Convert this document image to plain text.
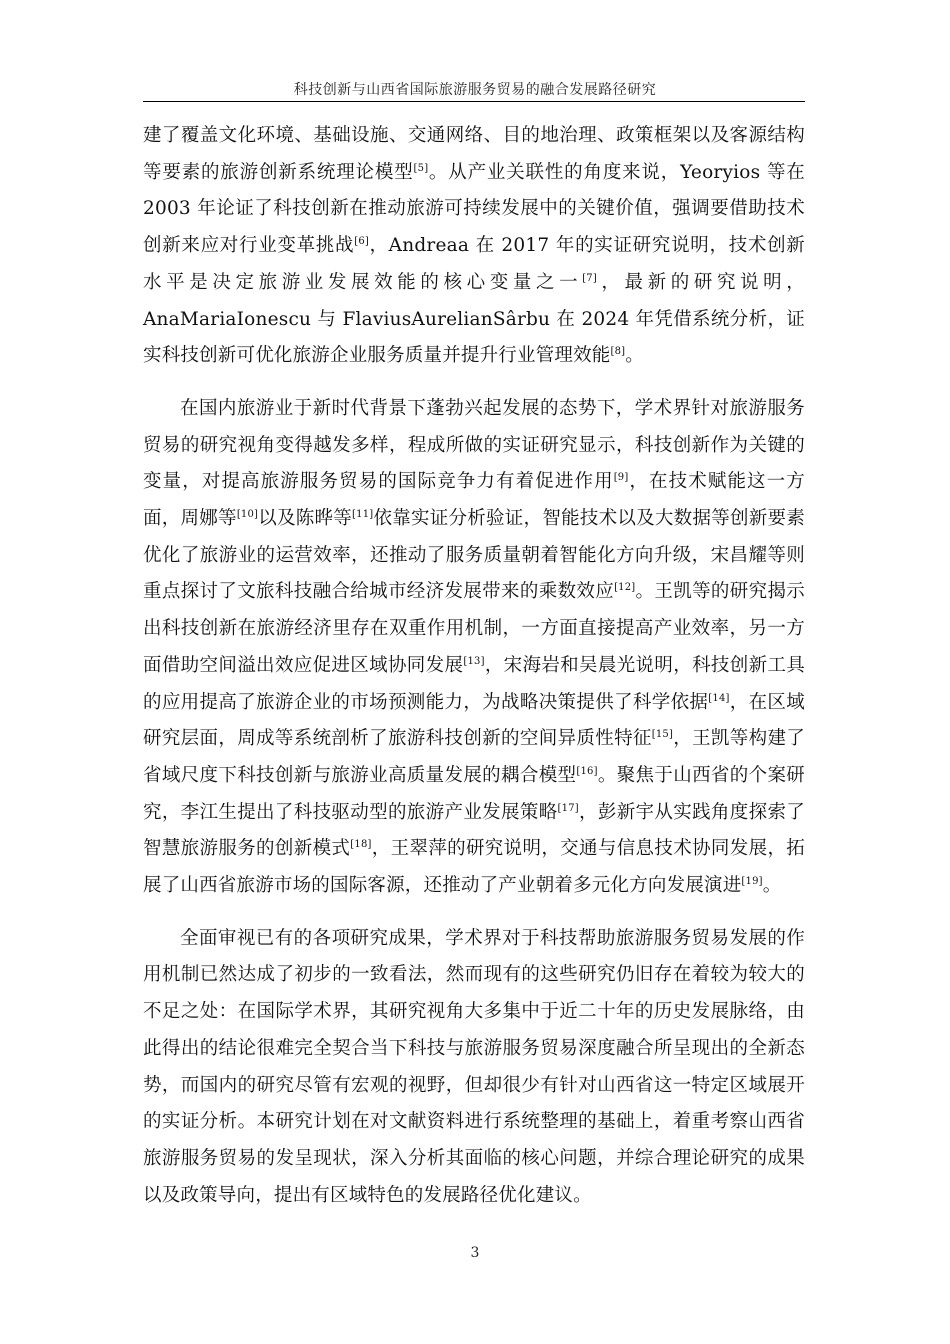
科技创新与山西省国际旅游服务贸易的融合发展路径研究

建了覆盖文化环境、基础设施、交通网络、目的地治理、政策框架以及客源结构等要素的旅游创新系统理论模型[5]。从产业关联性的角度来说，Yeoryios 等在 2003 年论证了科技创新在推动旅游可持续发展中的关键价值，强调要借助技术创新来应对行业变革挑战[6]，Andreaa 在 2017 年的实证研究说明，技术创新水平是决定旅游业发展效能的核心变量之一[7]，最新的研究说明，AnaMariaIonescu 与 FlaviusAurelianSârbu 在 2024 年凭借系统分析，证实科技创新可优化旅游企业服务质量并提升行业管理效能[8]。

在国内旅游业于新时代背景下蓬勃兴起发展的态势下，学术界针对旅游服务贸易的研究视角变得越发多样，程成所做的实证研究显示，科技创新作为关键的变量，对提高旅游服务贸易的国际竞争力有着促进作用[9]，在技术赋能这一方面，周娜等[10]以及陈晔等[11]依靠实证分析验证，智能技术以及大数据等创新要素优化了旅游业的运营效率，还推动了服务质量朝着智能化方向升级，宋昌耀等则重点探讨了文旅科技融合给城市经济发展带来的乘数效应[12]。王凯等的研究揭示出科技创新在旅游经济里存在双重作用机制，一方面直接提高产业效率，另一方面借助空间溢出效应促进区域协同发展[13]，宋海岩和吴晨光说明，科技创新工具的应用提高了旅游企业的市场预测能力，为战略决策提供了科学依据[14]，在区域研究层面，周成等系统剖析了旅游科技创新的空间异质性特征[15]，王凯等构建了省域尺度下科技创新与旅游业高质量发展的耦合模型[16]。聚焦于山西省的个案研究，李江生提出了科技驱动型的旅游产业发展策略[17]，彭新宇从实践角度探索了智慧旅游服务的创新模式[18]，王翠萍的研究说明，交通与信息技术协同发展，拓展了山西省旅游市场的国际客源，还推动了产业朝着多元化方向发展演进[19]。

全面审视已有的各项研究成果，学术界对于科技帮助旅游服务贸易发展的作用机制已然达成了初步的一致看法，然而现有的这些研究仍旧存在着较为较大的不足之处：在国际学术界，其研究视角大多集中于近二十年的历史发展脉络，由此得出的结论很难完全契合当下科技与旅游服务贸易深度融合所呈现出的全新态势，而国内的研究尽管有宏观的视野，但却很少有针对山西省这一特定区域展开的实证分析。本研究计划在对文献资料进行系统整理的基础上，着重考察山西省旅游服务贸易的发呈现状，深入分析其面临的核心问题，并综合理论研究的成果以及政策导向，提出有区域特色的发展路径优化建议。

3
